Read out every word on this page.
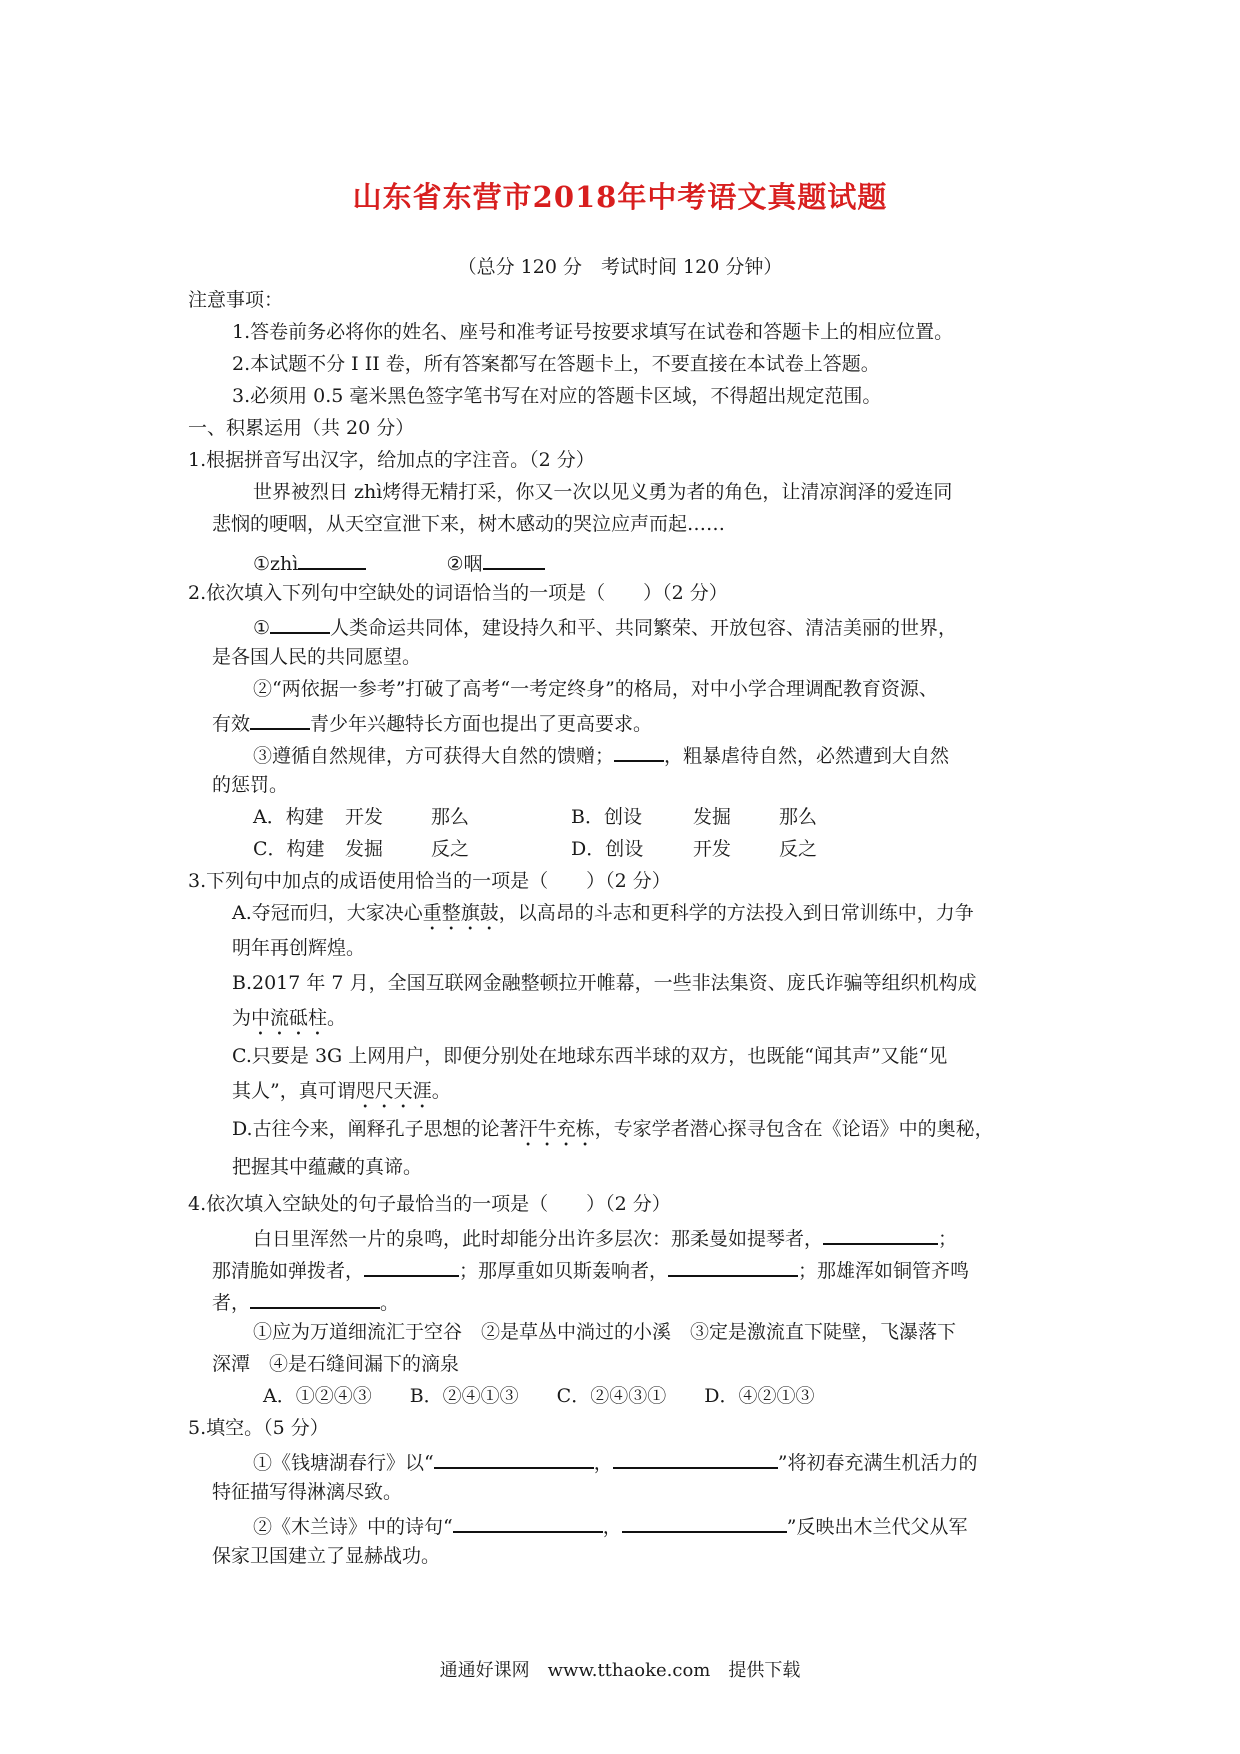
山东省东营市2018年中考语文真题试题
（总分 120 分　考试时间 120 分钟）
注意事项：
1.答卷前务必将你的姓名、座号和准考证号按要求填写在试卷和答题卡上的相应位置。
2.本试题不分 I II 卷，所有答案都写在答题卡上，不要直接在本试卷上答题。
3.必须用 0.5 毫米黑色签字笔书写在对应的答题卡区域，不得超出规定范围。
一、积累运用（共 20 分）
1.根据拼音写出汉字，给加点的字注音。（2 分）
世界被烈日 zhì烤得无精打采，你又一次以见义勇为者的角色，让清凉润泽的爱连同
悲悯的哽咽，从天空宣泄下来，树木感动的哭泣应声而起……
①zhì	②咽
2.依次填入下列句中空缺处的词语恰当的一项是（　　）（2 分）
①	人类命运共同体，建设持久和平、共同繁荣、开放包容、清洁美丽的世界，
是各国人民的共同愿望。
②“两依据一参考”打破了高考“一考定终身”的格局，对中小学合理调配教育资源、
有效	青少年兴趣特长方面也提出了更高要求。
③遵循自然规律，方可获得大自然的馈赠；	，粗暴虐待自然，必然遭到大自然
的惩罚。
A．构建 开发	那么	B．创设	发掘	那么
C．构建 发掘	反之	D．创设	开发	反之
3.下列句中加点的成语使用恰当的一项是（　　）（2 分）
A.夺冠而归，大家决心重整旗鼓，以高昂的斗志和更科学的方法投入到日常训练中，力争
明年再创辉煌。
B.2017 年 7 月，全国互联网金融整顿拉开帷幕，一些非法集资、庞氏诈骗等组织机构成
为中流砥柱。
C.只要是 3G 上网用户，即便分别处在地球东西半球的双方，也既能“闻其声”又能“见
其人”，真可谓咫尺天涯。
D.古往今来，阐释孔子思想的论著汗牛充栋，专家学者潜心探寻包含在《论语》中的奥秘，
把握其中蕴藏的真谛。
4.依次填入空缺处的句子最恰当的一项是（　　）（2 分）
白日里浑然一片的泉鸣，此时却能分出许多层次：那柔曼如提琴者，	；
那清脆如弹拨者，	；那厚重如贝斯轰响者，	；那雄浑如铜管齐鸣
者，	。
①应为万道细流汇于空谷　②是草丛中淌过的小溪　③定是激流直下陡壁，飞瀑落下
深潭　④是石缝间漏下的滴泉
A．①②④③　　B．②④①③　　C．②④③①　　D．④②①③
5.填空。（5 分）
①《钱塘湖春行》以“	，	”将初春充满生机活力的
特征描写得淋漓尽致。
②《木兰诗》中的诗句“	，	”反映出木兰代父从军
保家卫国建立了显赫战功。
通通好课网　www.tthaoke.com　提供下载
